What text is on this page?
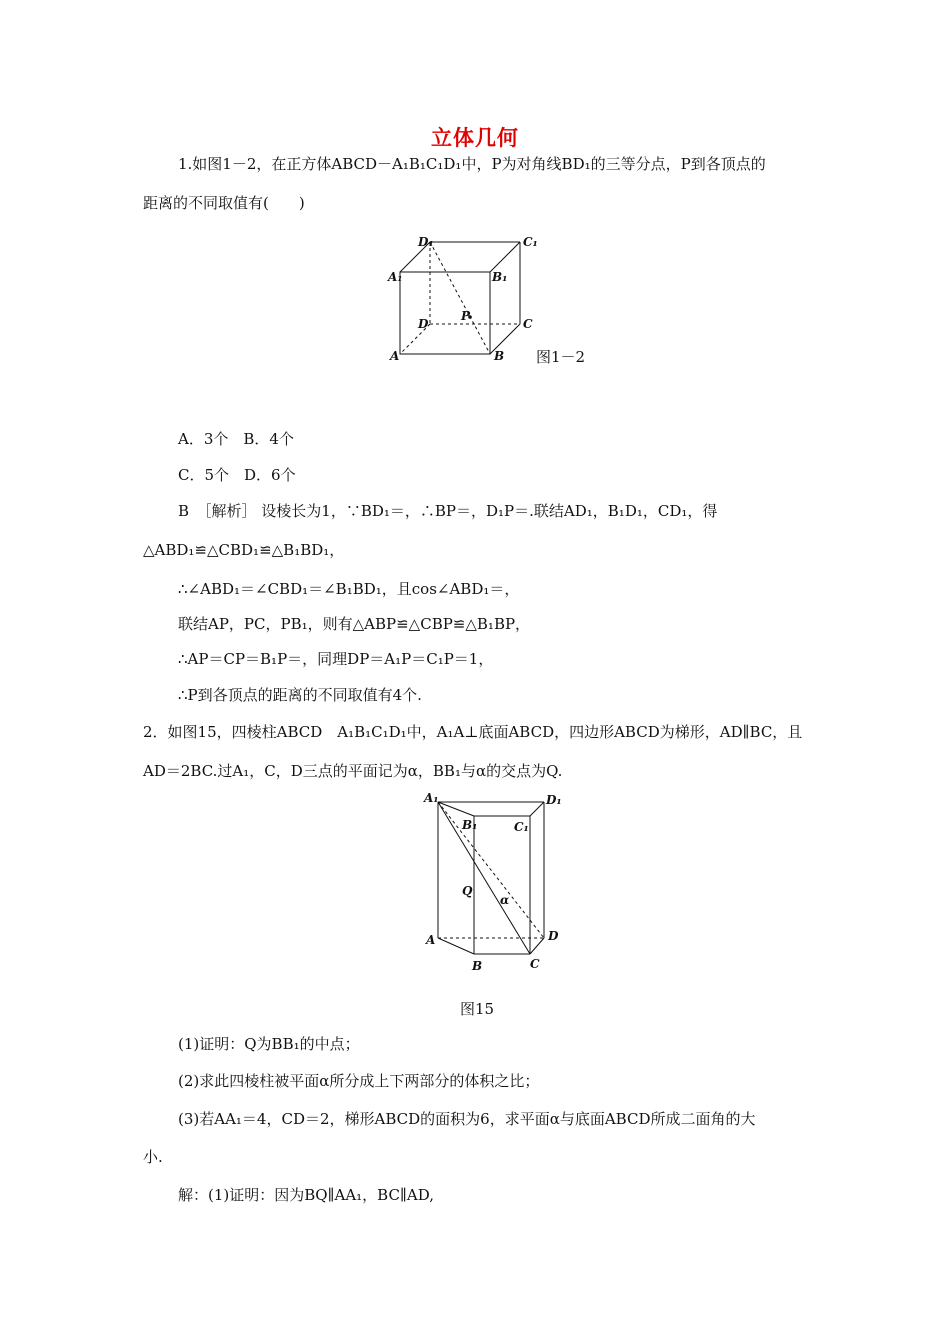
立体几何
1.如图1－2，在正方体ABCD－A₁B₁C₁D₁中，P为对角线BD₁的三等分点，P到各顶点的
距离的不同取值有(　　)
D₁	C₁
A₁	B₁
P
D	C
A	B 图1－2
A．3个　B．4个
C．5个　D．6个
B　［解析］ 设棱长为1，∵BD₁＝，∴BP＝，D₁P＝.联结AD₁，B₁D₁，CD₁，得
△ABD₁≌△CBD₁≌△B₁BD₁，
∴∠ABD₁＝∠CBD₁＝∠B₁BD₁，且cos∠ABD₁＝，
联结AP，PC，PB₁，则有△ABP≌△CBP≌△B₁BP，
∴AP＝CP＝B₁P＝，同理DP＝A₁P＝C₁P＝1，
∴P到各顶点的距离的不同取值有4个.
2．如图15，四棱柱ABCD　A₁B₁C₁D₁中，A₁A⊥底面ABCD，四边形ABCD为梯形，AD∥BC，且
AD＝2BC.过A₁，C，D三点的平面记为α，BB₁与α的交点为Q.
A₁	D₁
B₁	C₁
Q
α
A	D
B	C
图15
(1)证明：Q为BB₁的中点；
(2)求此四棱柱被平面α所分成上下两部分的体积之比；
(3)若AA₁＝4，CD＝2，梯形ABCD的面积为6，求平面α与底面ABCD所成二面角的大
小.
解：(1)证明：因为BQ∥AA₁，BC∥AD,
